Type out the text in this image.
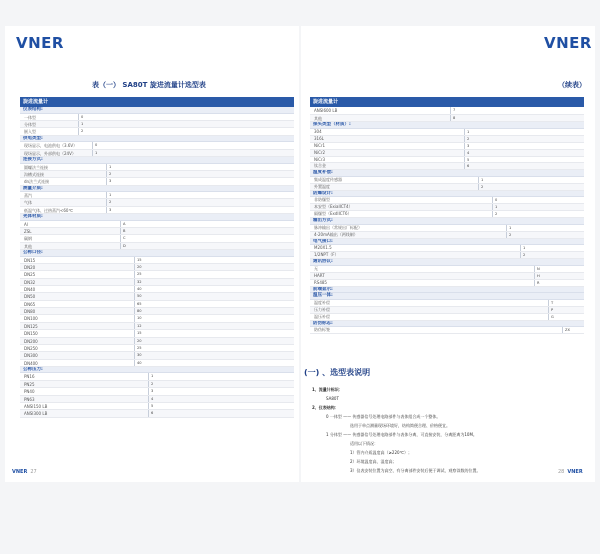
VNER	VNER
表（一） SA80T 旋进流量计选型表	（续表）
旋进流量计
仪表结构:
一体型	0
分体型	1
嵌入型	2
供电类型:
现场显示，电池供电（3.6V）	0
现场显示，外部供电（24V）	1
连接方式:
圆螺法兰连接	1
沟槽式连接	2
dn法兰式连接	3
测量介质:
蒸汽	1
气体	2
低温气体、过热蒸汽<60℃	3
壳体材质:
Al	A
ZSL	B
碳钢	C
其他	D
公称口径:
DN15	15
DN20	20
DN25	25
DN32	32
DN40	40
DN50	50
DN65	65
DN80	80
DN100	10
DN125	12
DN150	15
DN200	20
DN250	25
DN300	30
DN400	40
公称压力:
PN16	1
PN25	2
PN40	3
PN63	4
ANSI150 LB	5
ANSI300 LB	6
旋进流量计
ANSI600 LB	7
其他	8
探头类型（材质）:
304	1
316L	2
NiCr1	3
NiCr2	4
NiCr3	5
钛合金	6
温度补偿:
集成温度传感器	1
外置温度	2
防爆设计:
非防爆型	0
本安型（ExiaIICT4）	1
隔爆型（ExdIICT6）	2
输出方式:
脉冲输出（常规出厂标配）	1
4-20mA输出（两线制）	2
电气接口:
M20X1.5	1
1/2NPT（F）	2
通讯协议:
无	N
HART	H
RS485	R
前端显示:
温压一体:
温度补偿	T
压力补偿	P
温压补偿	G
防伪标志:
防伪标签	ZX
(一) 、选型表说明
1、流量计标识：
SA80T
2、仪表结构：
0 一体型 —— 传感器信号处理电路部件与表体组合成一个整体。
选用于单点测量现场环境好，结构简便合理、价格便宜。
1 分体型 —— 传感器信号处理电路部件与表体分离，可直接安装，分离距离为10M。
适用以下情况：
1）管内介质温度高（≥220℃）；
2）环境温度高、湿度高；
3）仪表安装位置为高空、有分离部件安装后便于调试、观察读数的位置。
VNER 27	28 VNER
